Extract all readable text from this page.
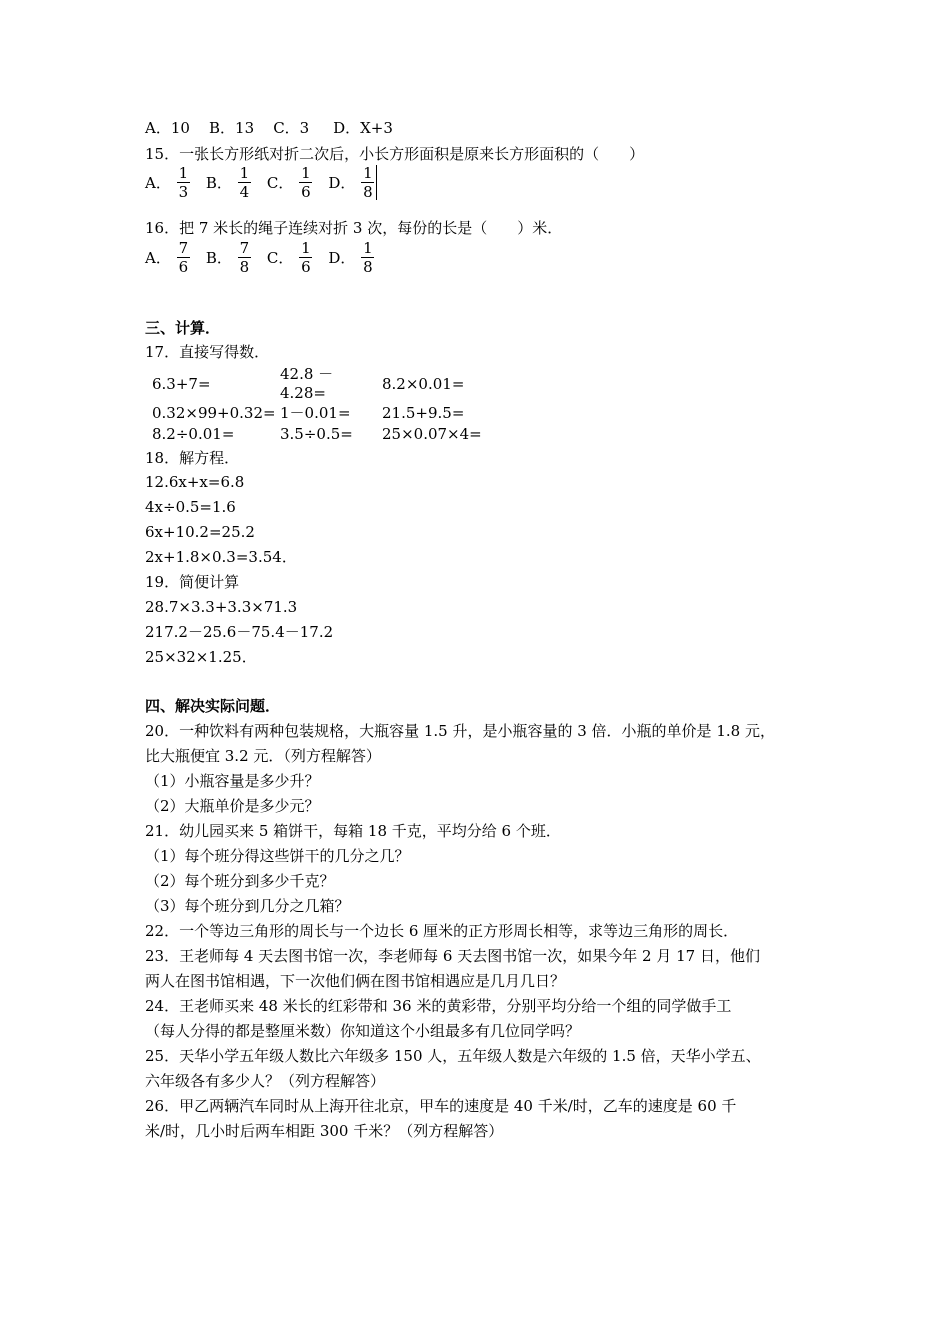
A．10 B．13 C．3 D．X+3
15．一张长方形纸对折二次后，小长方形面积是原来长方形面积的（　　）
A． $\frac{1}{3}$ B． $\frac{1}{4}$ C． $\frac{1}{6}$ D． $\frac{1}{8}$
16．把 7 米长的绳子连续对折 3 次，每份的长是（　　）米．
A． $\frac{7}{6}$ B． $\frac{7}{8}$ C． $\frac{1}{6}$ D． $\frac{1}{8}$
三、计算．
17．直接写得数．
6.3+7=
42.8 －
4.28=	8.2×0.01=
0.32×99+0.32= 1－0.01= 21.5+9.5=
8.2÷0.01=	3.5÷0.5= 25×0.07×4=
18．解方程．
12.6x+x=6.8
4x÷0.5=1.6
6x+10.2=25.2
2x+1.8×0.3=3.54．
19．简便计算
28.7×3.3+3.3×71.3
217.2－25.6－75.4－17.2
25×32×1.25．
四、解决实际问题．
20．一种饮料有两种包装规格，大瓶容量 1.5 升，是小瓶容量的 3 倍．小瓶的单价是 1.8 元，
比大瓶便宜 3.2 元．（列方程解答）
（1）小瓶容量是多少升？
（2）大瓶单价是多少元？
21．幼儿园买来 5 箱饼干，每箱 18 千克，平均分给 6 个班．
（1）每个班分得这些饼干的几分之几？
（2）每个班分到多少千克？
（3）每个班分到几分之几箱？
22．一个等边三角形的周长与一个边长 6 厘米的正方形周长相等，求等边三角形的周长．
23．王老师每 4 天去图书馆一次，李老师每 6 天去图书馆一次，如果今年 2 月 17 日，他们
两人在图书馆相遇，下一次他们俩在图书馆相遇应是几月几日？
24．王老师买来 48 米长的红彩带和 36 米的黄彩带，分别平均分给一个组的同学做手工
（每人分得的都是整厘米数）你知道这个小组最多有几位同学吗？
25．天华小学五年级人数比六年级多 150 人，五年级人数是六年级的 1.5 倍，天华小学五、
六年级各有多少人？（列方程解答）
26．甲乙两辆汽车同时从上海开往北京，甲车的速度是 40 千米/时，乙车的速度是 60 千
米/时，几小时后两车相距 300 千米？（列方程解答）
